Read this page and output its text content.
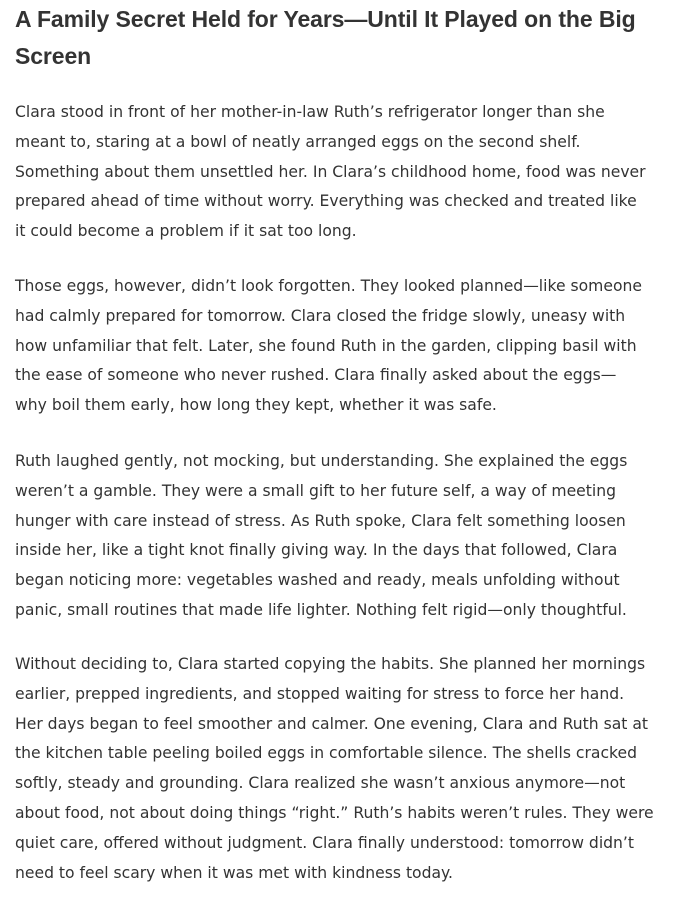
A Family Secret Held for Years—Until It Played on the Big
Screen

Clara stood in front of her mother-in-law Ruth’s refrigerator longer than she
meant to, staring at a bowl of neatly arranged eggs on the second shelf.
Something about them unsettled her. In Clara’s childhood home, food was never
prepared ahead of time without worry. Everything was checked and treated like
it could become a problem if it sat too long.

Those eggs, however, didn’t look forgotten. They looked planned—like someone
had calmly prepared for tomorrow. Clara closed the fridge slowly, uneasy with
how unfamiliar that felt. Later, she found Ruth in the garden, clipping basil with
the ease of someone who never rushed. Clara finally asked about the eggs—
why boil them early, how long they kept, whether it was safe.

Ruth laughed gently, not mocking, but understanding. She explained the eggs
weren’t a gamble. They were a small gift to her future self, a way of meeting
hunger with care instead of stress. As Ruth spoke, Clara felt something loosen
inside her, like a tight knot finally giving way. In the days that followed, Clara
began noticing more: vegetables washed and ready, meals unfolding without
panic, small routines that made life lighter. Nothing felt rigid—only thoughtful.

Without deciding to, Clara started copying the habits. She planned her mornings
earlier, prepped ingredients, and stopped waiting for stress to force her hand.
Her days began to feel smoother and calmer. One evening, Clara and Ruth sat at
the kitchen table peeling boiled eggs in comfortable silence. The shells cracked
softly, steady and grounding. Clara realized she wasn’t anxious anymore—not
about food, not about doing things “right.” Ruth’s habits weren’t rules. They were
quiet care, offered without judgment. Clara finally understood: tomorrow didn’t
need to feel scary when it was met with kindness today.
